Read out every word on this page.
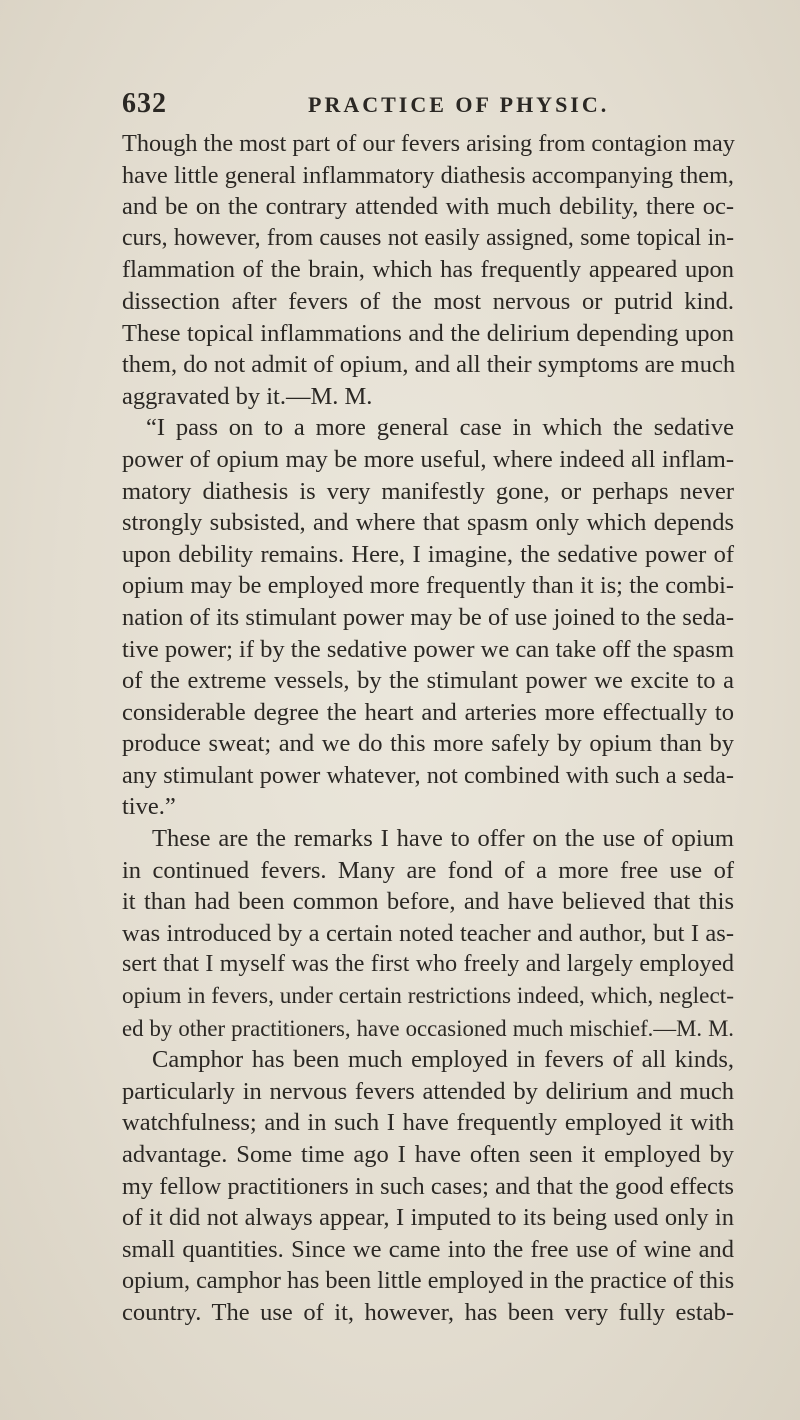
632	PRACTICE OF PHYSIC.
Though the most part of our fevers arising from contagion may
have little general inflammatory diathesis accompanying them,
and be on the contrary attended with much debility, there oc-
curs, however, from causes not easily assigned, some topical in-
flammation of the brain, which has frequently appeared upon
dissection after fevers of the most nervous or putrid kind.
These topical inflammations and the delirium depending upon
them, do not admit of opium, and all their symptoms are much
aggravated by it.—M. M.
“I pass on to a more general case in which the sedative
power of opium may be more useful, where indeed all inflam-
matory diathesis is very manifestly gone, or perhaps never
strongly subsisted, and where that spasm only which depends
upon debility remains. Here, I imagine, the sedative power of
opium may be employed more frequently than it is; the combi-
nation of its stimulant power may be of use joined to the seda-
tive power; if by the sedative power we can take off the spasm
of the extreme vessels, by the stimulant power we excite to a
considerable degree the heart and arteries more effectually to
produce sweat; and we do this more safely by opium than by
any stimulant power whatever, not combined with such a seda-
tive.”
These are the remarks I have to offer on the use of opium
in continued fevers. Many are fond of a more free use of
it than had been common before, and have believed that this
was introduced by a certain noted teacher and author, but I as-
sert that I myself was the first who freely and largely employed
opium in fevers, under certain restrictions indeed, which, neglect-
ed by other practitioners, have occasioned much mischief.—M. M.
Camphor has been much employed in fevers of all kinds,
particularly in nervous fevers attended by delirium and much
watchfulness; and in such I have frequently employed it with
advantage. Some time ago I have often seen it employed by
my fellow practitioners in such cases; and that the good effects
of it did not always appear, I imputed to its being used only in
small quantities. Since we came into the free use of wine and
opium, camphor has been little employed in the practice of this
country. The use of it, however, has been very fully estab-
